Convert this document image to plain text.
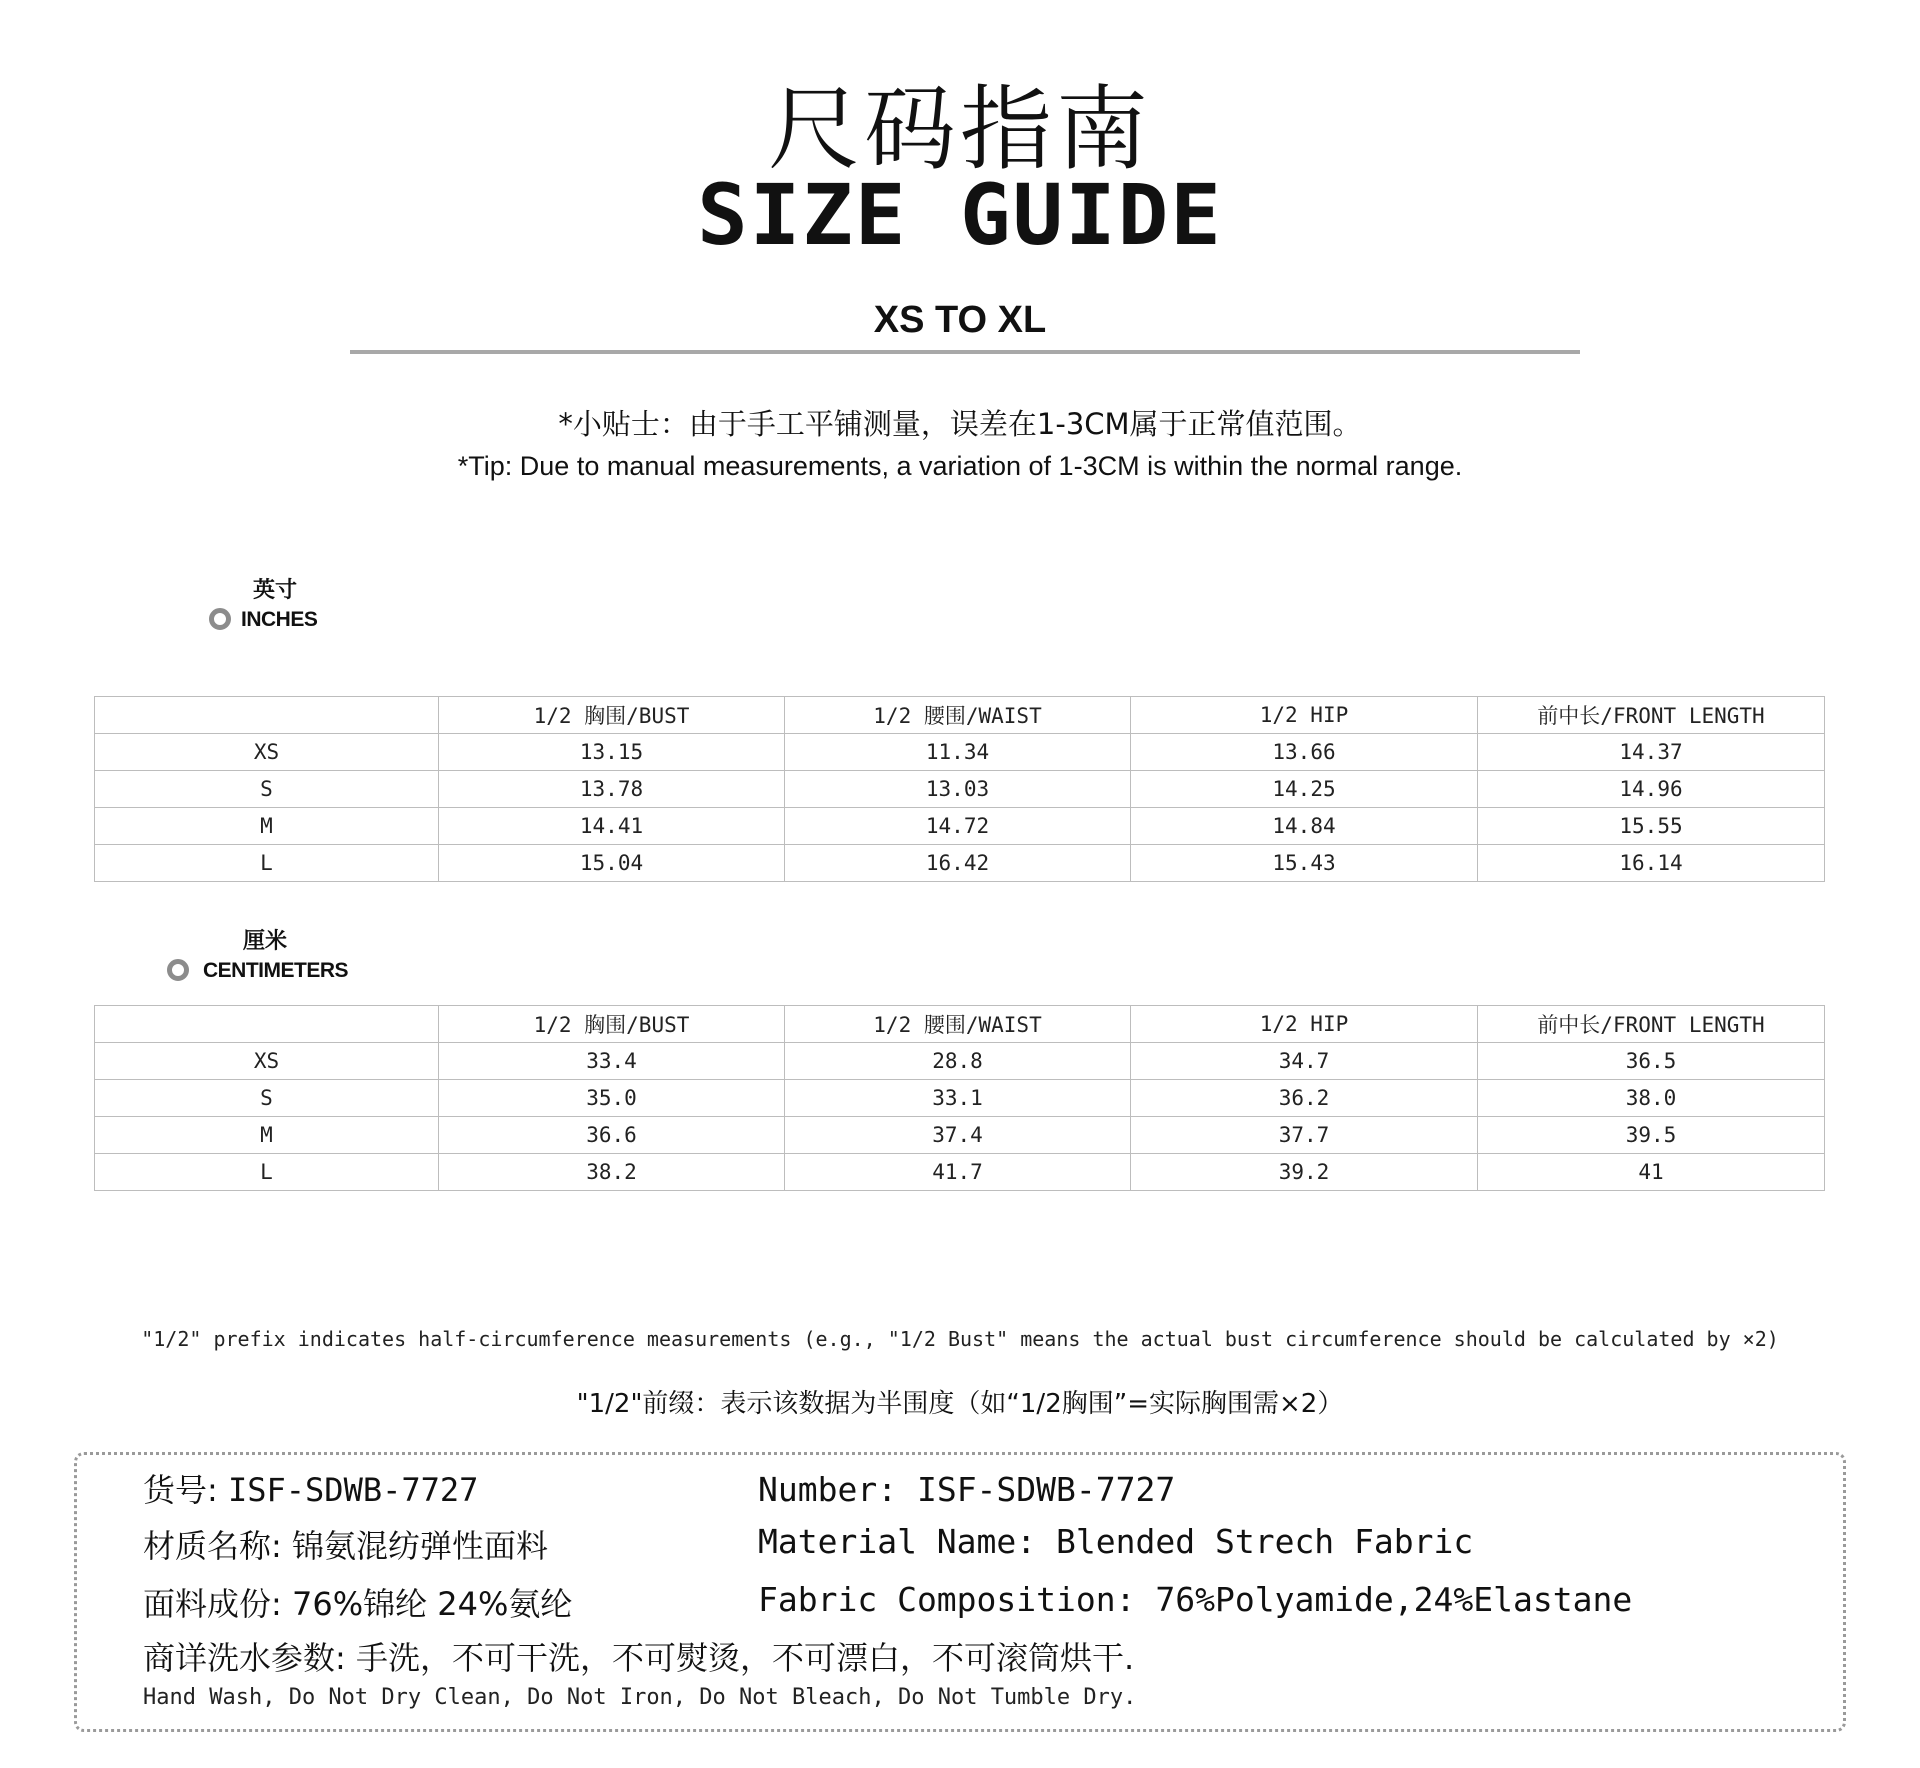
尺码指南
SIZE GUIDE
XS TO XL
*小贴士：由于手工平铺测量，误差在1-3CM属于正常值范围。
*Tip: Due to manual measurements, a variation of 1-3CM is within the normal range.
英寸
INCHES
	1/2 胸围/BUST	1/2 腰围/WAIST	1/2 HIP	前中长/FRONT LENGTH
XS	13.15	11.34	13.66	14.37
S	13.78	13.03	14.25	14.96
M	14.41	14.72	14.84	15.55
L	15.04	16.42	15.43	16.14
厘米
CENTIMETERS
	1/2 胸围/BUST	1/2 腰围/WAIST	1/2 HIP	前中长/FRONT LENGTH
XS	33.4	28.8	34.7	36.5
S	35.0	33.1	36.2	38.0
M	36.6	37.4	37.7	39.5
L	38.2	41.7	39.2	41
"1/2" prefix indicates half-circumference measurements (e.g., "1/2 Bust" means the actual bust circumference should be calculated by ×2)
"1/2"前缀：表示该数据为半围度（如“1/2胸围”=实际胸围需×2）
货号: ISF-SDWB-7727
材质名称: 锦氨混纺弹性面料
面料成份: 76%锦纶 24%氨纶
Number: ISF-SDWB-7727
Material Name: Blended Strech Fabric
Fabric Composition: 76%Polyamide,24%Elastane
商详洗水参数: 手洗，不可干洗，不可熨烫，不可漂白，不可滚筒烘干.
Hand Wash, Do Not Dry Clean, Do Not Iron, Do Not Bleach, Do Not Tumble Dry.
